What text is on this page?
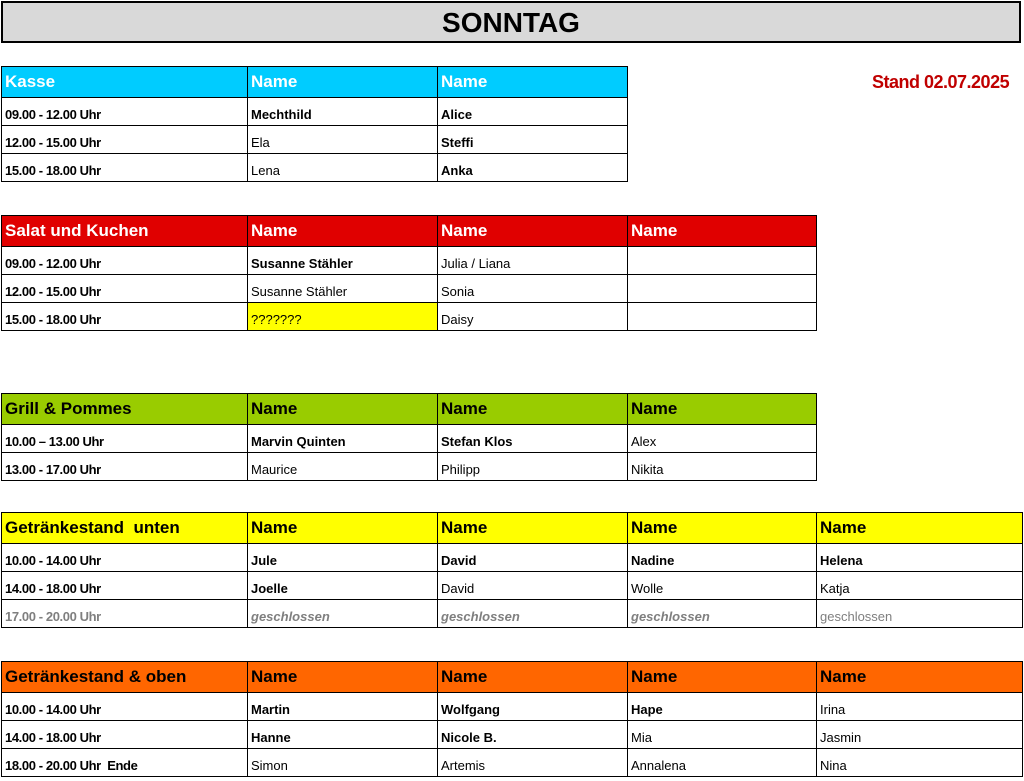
SONNTAG
Stand 02.07.2025
Kasse	Name	Name
09.00 - 12.00 Uhr	Mechthild	Alice
12.00 - 15.00 Uhr	Ela	Steffi
15.00 - 18.00 Uhr	Lena	Anka
Salat und Kuchen	Name	Name	Name
09.00 - 12.00 Uhr	Susanne Stähler	Julia / Liana	
12.00 - 15.00 Uhr	Susanne Stähler	Sonia	
15.00 - 18.00 Uhr	???????	Daisy	
Grill & Pommes	Name	Name	Name
10.00 – 13.00 Uhr	Marvin Quinten	Stefan Klos	Alex
13.00 - 17.00 Uhr	Maurice	Philipp	Nikita
Getränkestand  unten	Name	Name	Name	Name
10.00 - 14.00 Uhr	Jule	David	Nadine	Helena
14.00 - 18.00 Uhr	Joelle	David	Wolle	Katja
17.00 - 20.00 Uhr	geschlossen	geschlossen	geschlossen	geschlossen
Getränkestand & oben	Name	Name	Name	Name
10.00 - 14.00 Uhr	Martin	Wolfgang	Hape	Irina
14.00 - 18.00 Uhr	Hanne	Nicole B.	Mia	Jasmin
18.00 - 20.00 Uhr  Ende	Simon	Artemis	Annalena	Nina
